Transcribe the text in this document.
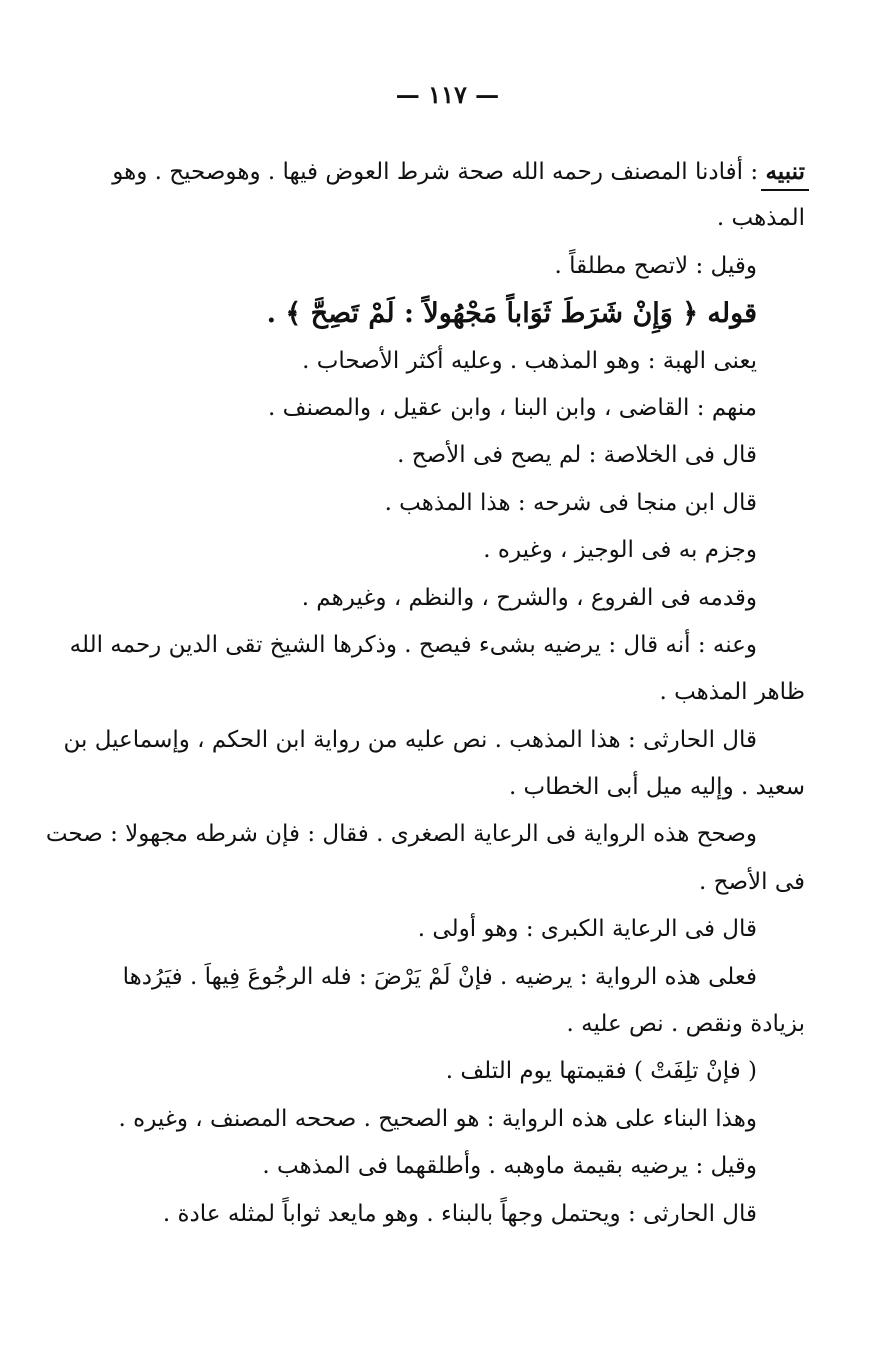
— ١١٧ —
تنبيه : أفادنا المصنف رحمه الله صحة شرط العوض فيها . وهوصحيح . وهو
المذهب .
وقيل : لاتصح مطلقاً .
قوله ﴿ وَإِنْ شَرَطَ ثَوَاباً مَجْهُولاً : لَمْ تَصِحَّ ﴾ .
يعنى الهبة : وهو المذهب . وعليه أكثر الأصحاب .
منهم : القاضى ، وابن البنا ، وابن عقيل ، والمصنف .
قال فى الخلاصة : لم يصح فى الأصح .
قال ابن منجا فى شرحه : هذا المذهب .
وجزم به فى الوجيز ، وغيره .
وقدمه فى الفروع ، والشرح ، والنظم ، وغيرهم .
وعنه : أنه قال : يرضيه بشىء فيصح . وذكرها الشيخ تقى الدين رحمه الله
ظاهر المذهب .
قال الحارثى : هذا المذهب . نص عليه من رواية ابن الحكم ، وإسماعيل بن
سعيد . وإليه ميل أبى الخطاب .
وصحح هذه الرواية فى الرعاية الصغرى . فقال : فإن شرطه مجهولا : صحت
فى الأصح .
قال فى الرعاية الكبرى : وهو أولى .
فعلى هذه الرواية : يرضيه . فإنْ لَمْ يَرْضَ : فله الرجُوعَ فِيهاَ . فيَرُدها
بزيادة ونقص . نص عليه .
( فإنْ تلِفَتْ ) فقيمتها يوم التلف .
وهذا البناء على هذه الرواية : هو الصحيح . صححه المصنف ، وغيره .
وقيل : يرضيه بقيمة ماوهبه . وأطلقهما فى المذهب .
قال الحارثى : ويحتمل وجهاً بالبناء . وهو مايعد ثواباً لمثله عادة .
